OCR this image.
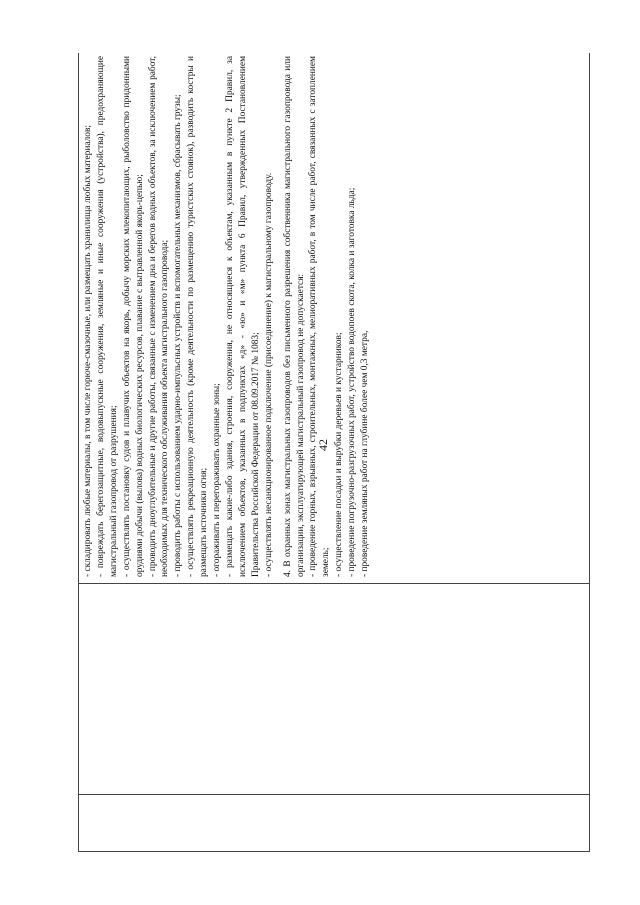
42

- складировать любые материалы, в том числе горюче-смазочные, или размещать хранилища любых материалов; - повреждать берегозащитные, водовыпускные сооружения, земляные и иные сооружения (устройства), предохраняющие магистральный газопровод от разрушения; - осуществлять постановку судов и плавучих объектов на якорь, добычу морских млекопитающих, рыболовство придонными орудиями добычи (вылова) водных биологических ресурсов, плавание с вытравленной якорь-цепью; - проводить дноуглубительные и другие работы, связанные с изменением дна и берегов водных объектов, за исключением работ, необходимых для технического обслуживания объекта магистрального газопровода; - проводить работы с использованием ударно-импульсных устройств и вспомогательных механизмов, сбрасывать грузы; - осуществлять рекреационную деятельность (кроме деятельности по размещению туристских стоянок), разводить костры и размещать источники огня; - огораживать и перегораживать охранные зоны; - размещать какие-либо здания, строения, сооружения, не относящиеся к объектам, указанным в пункте 2 Правил, за исключением объектов, указанных в подпунктах «д» - «ю» и «м» пункта 6 Правил, утвержденных Постановлением Правительства Российской Федерации от 08.09.2017 № 1083; - осуществлять несанкционированное подключение (присоединение) к магистральному газопроводу. 4. В охранных зонах магистральных газопроводов без письменного разрешения собственника магистрального газопровода или организации, эксплуатирующей магистральный газопровод не допускается: - проведение горных, взрывных, строительных, монтажных, мелиоративных работ, в том числе работ, связанных с затоплением земель; - осуществление посадки и вырубки деревьев и кустарников; - проведение погрузочно-разгрузочных работ, устройство водопоев скота, колка и заготовка льда; - проведение земляных работ на глубине более чем 0,3 метра,
